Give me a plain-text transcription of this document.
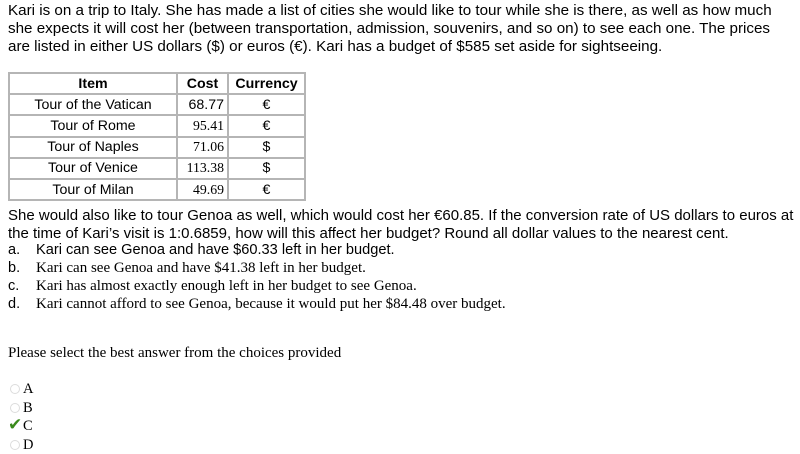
Kari is on a trip to Italy. She has made a list of cities she would like to tour while she is there, as well as how much she expects it will cost her (between transportation, admission, souvenirs, and so on) to see each one. The prices are listed in either US dollars ($) or euros (€). Kari has a budget of $585 set aside for sightseeing.
Item	Cost	Currency
Tour of the Vatican	68.77	€
Tour of Rome	95.41	€
Tour of Naples	71.06	$
Tour of Venice	113.38	$
Tour of Milan	49.69	€
She would also like to tour Genoa as well, which would cost her €60.85. If the conversion rate of US dollars to euros at the time of Kari’s visit is 1:0.6859, how will this affect her budget? Round all dollar values to the nearest cent.
a.	Kari can see Genoa and have $60.33 left in her budget.
b.	Kari can see Genoa and have $41.38 left in her budget.
c.	Kari has almost exactly enough left in her budget to see Genoa.
d.	Kari cannot afford to see Genoa, because it would put her $84.48 over budget.
Please select the best answer from the choices provided
A
B
✔ C
D
